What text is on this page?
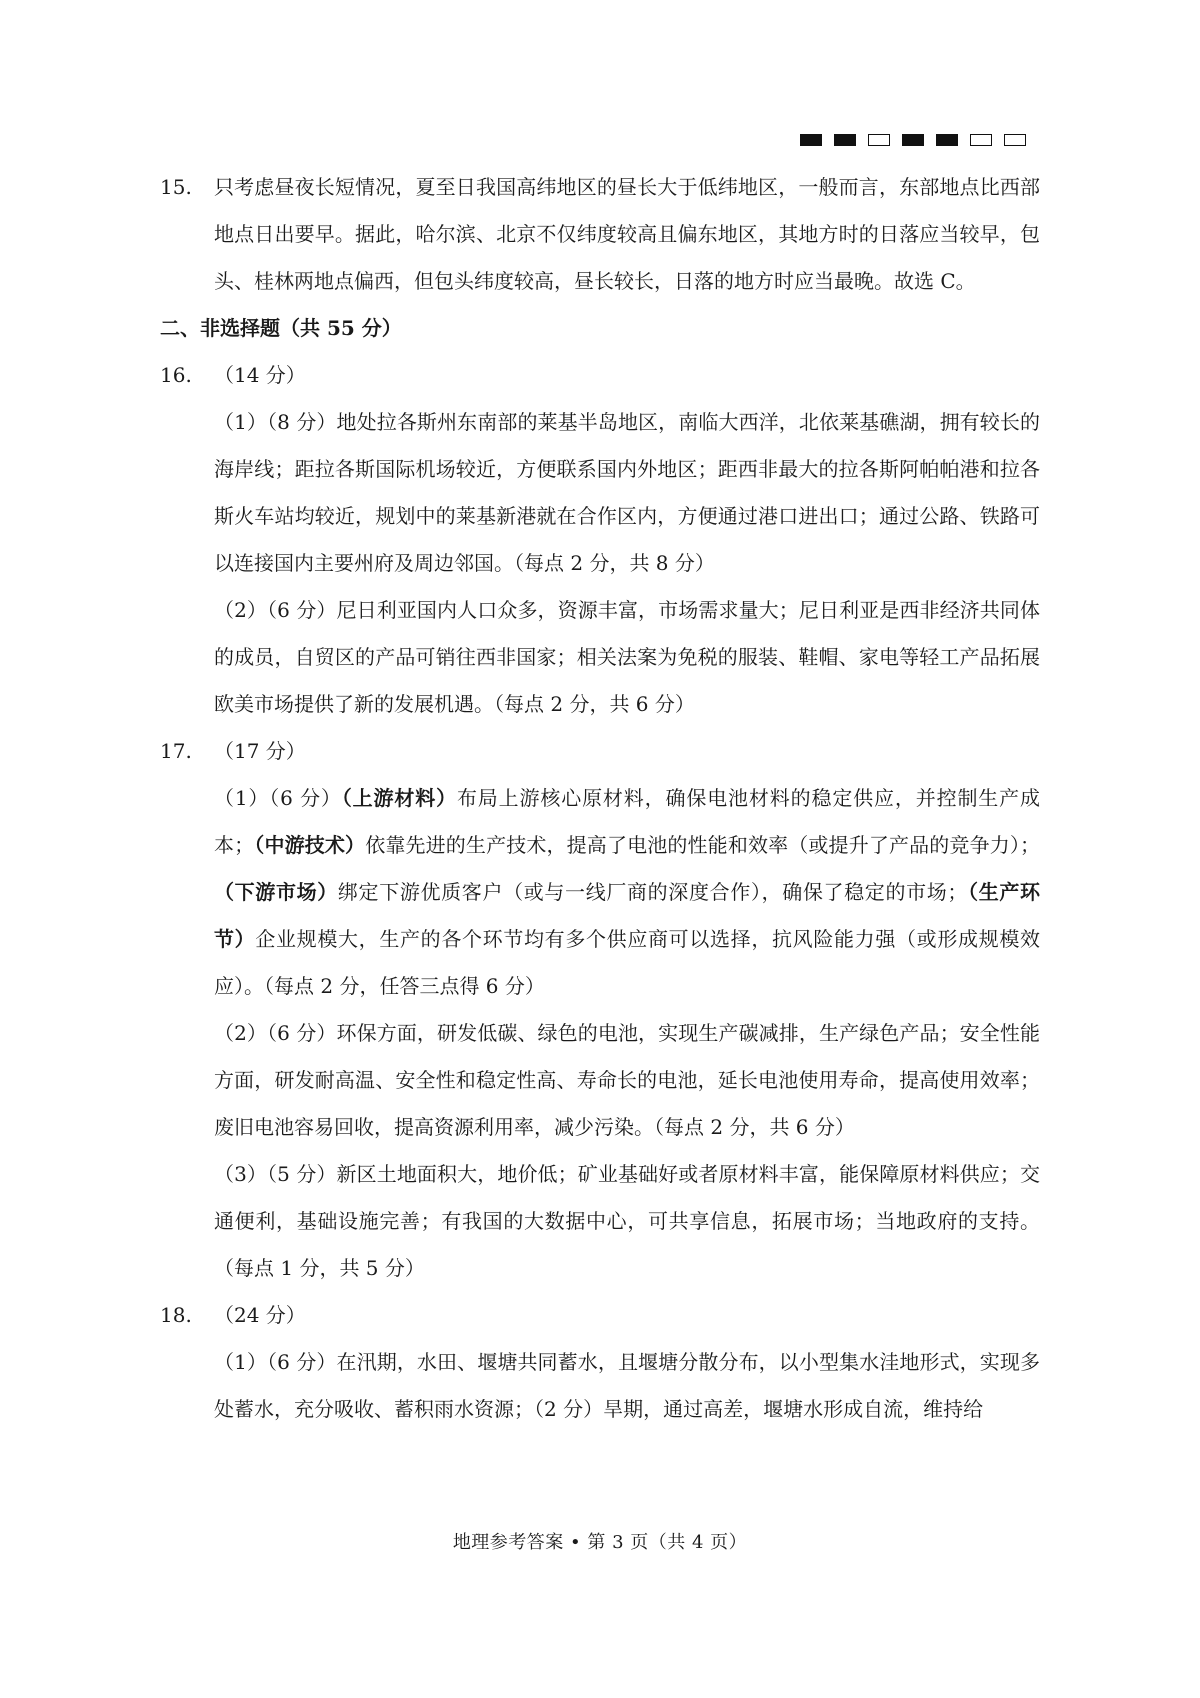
15. 只考虑昼夜长短情况，夏至日我国高纬地区的昼长大于低纬地区，一般而言，东部地点比西部地点日出要早。据此，哈尔滨、北京不仅纬度较高且偏东地区，其地方时的日落应当较早，包头、桂林两地点偏西，但包头纬度较高，昼长较长，日落的地方时应当最晚。故选 C。
二、非选择题（共 55 分）
16. （14 分）
（1）（8 分）地处拉各斯州东南部的莱基半岛地区，南临大西洋，北依莱基礁湖，拥有较长的海岸线；距拉各斯国际机场较近，方便联系国内外地区；距西非最大的拉各斯阿帕帕港和拉各斯火车站均较近，规划中的莱基新港就在合作区内，方便通过港口进出口；通过公路、铁路可以连接国内主要州府及周边邻国。（每点 2 分，共 8 分）
（2）（6 分）尼日利亚国内人口众多，资源丰富，市场需求量大；尼日利亚是西非经济共同体的成员，自贸区的产品可销往西非国家；相关法案为免税的服装、鞋帽、家电等轻工产品拓展欧美市场提供了新的发展机遇。（每点 2 分，共 6 分）
17. （17 分）
（1）（6 分）（上游材料）布局上游核心原材料，确保电池材料的稳定供应，并控制生产成本；（中游技术）依靠先进的生产技术，提高了电池的性能和效率（或提升了产品的竞争力）；（下游市场）绑定下游优质客户（或与一线厂商的深度合作），确保了稳定的市场；（生产环节）企业规模大，生产的各个环节均有多个供应商可以选择，抗风险能力强（或形成规模效应）。（每点 2 分，任答三点得 6 分）
（2）（6 分）环保方面，研发低碳、绿色的电池，实现生产碳减排，生产绿色产品；安全性能方面，研发耐高温、安全性和稳定性高、寿命长的电池，延长电池使用寿命，提高使用效率；废旧电池容易回收，提高资源利用率，减少污染。（每点 2 分，共 6 分）
（3）（5 分）新区土地面积大，地价低；矿业基础好或者原材料丰富，能保障原材料供应；交通便利，基础设施完善；有我国的大数据中心，可共享信息，拓展市场；当地政府的支持。（每点 1 分，共 5 分）
18. （24 分）
（1）（6 分）在汛期，水田、堰塘共同蓄水，且堰塘分散分布，以小型集水洼地形式，实现多处蓄水，充分吸收、蓄积雨水资源；（2 分）旱期，通过高差，堰塘水形成自流，维持给
地理参考答案 • 第 3 页（共 4 页）
